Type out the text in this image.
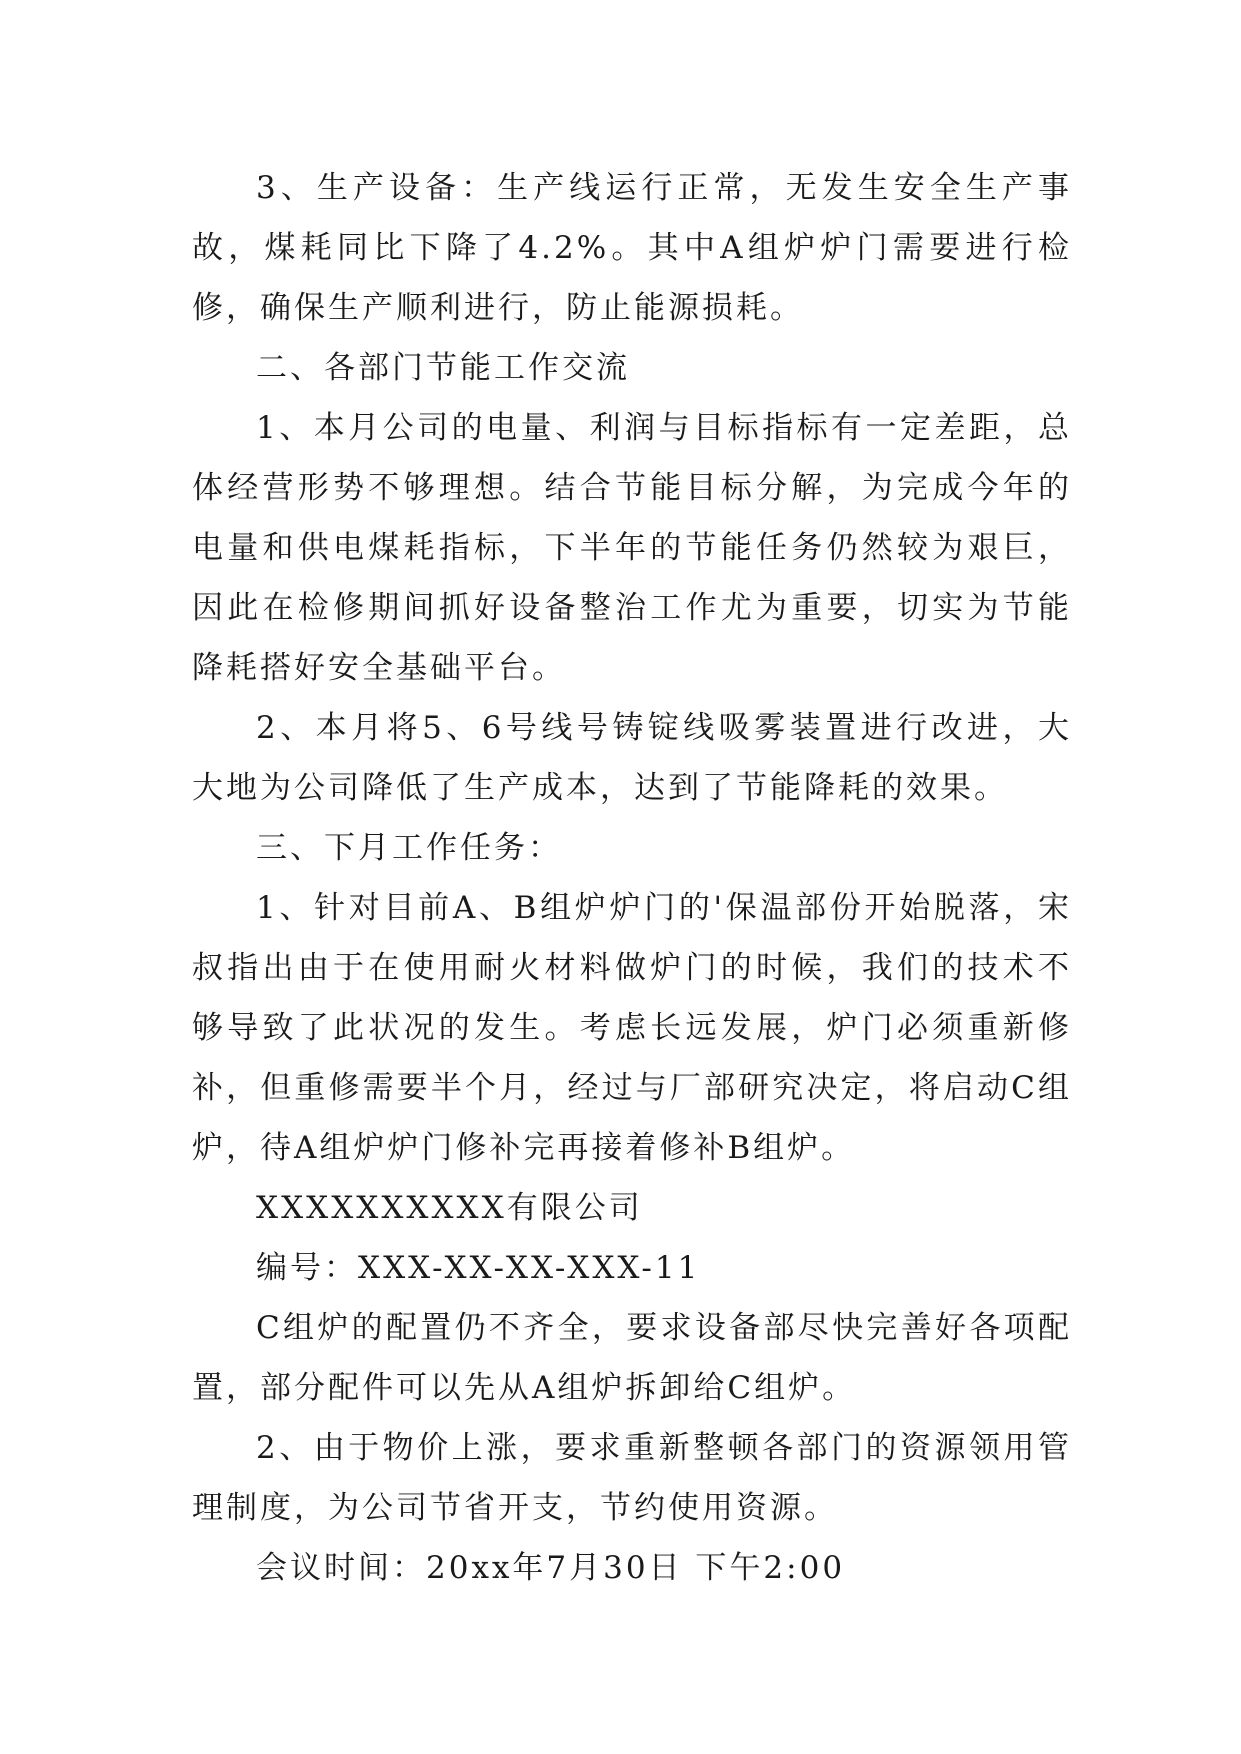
3、生产设备：生产线运行正常，无发生安全生产事故，煤耗同比下降了4.2%。其中A组炉炉门需要进行检修，确保生产顺利进行，防止能源损耗。

二、各部门节能工作交流

1、本月公司的电量、利润与目标指标有一定差距，总体经营形势不够理想。结合节能目标分解，为完成今年的电量和供电煤耗指标，下半年的节能任务仍然较为艰巨，因此在检修期间抓好设备整治工作尤为重要，切实为节能降耗搭好安全基础平台。

2、本月将5、6号线号铸锭线吸雾装置进行改进，大大地为公司降低了生产成本，达到了节能降耗的效果。

三、下月工作任务：

1、针对目前A、B组炉炉门的'保温部份开始脱落，宋叔指出由于在使用耐火材料做炉门的时候，我们的技术不够导致了此状况的发生。考虑长远发展，炉门必须重新修补，但重修需要半个月，经过与厂部研究决定，将启动C组炉，待A组炉炉门修补完再接着修补B组炉。

XXXXXXXXXX有限公司

编号：XXX-XX-XX-XXX-11

C组炉的配置仍不齐全，要求设备部尽快完善好各项配置，部分配件可以先从A组炉拆卸给C组炉。

2、由于物价上涨，要求重新整顿各部门的资源领用管理制度，为公司节省开支，节约使用资源。

会议时间：20xx年7月30日 下午2:00
